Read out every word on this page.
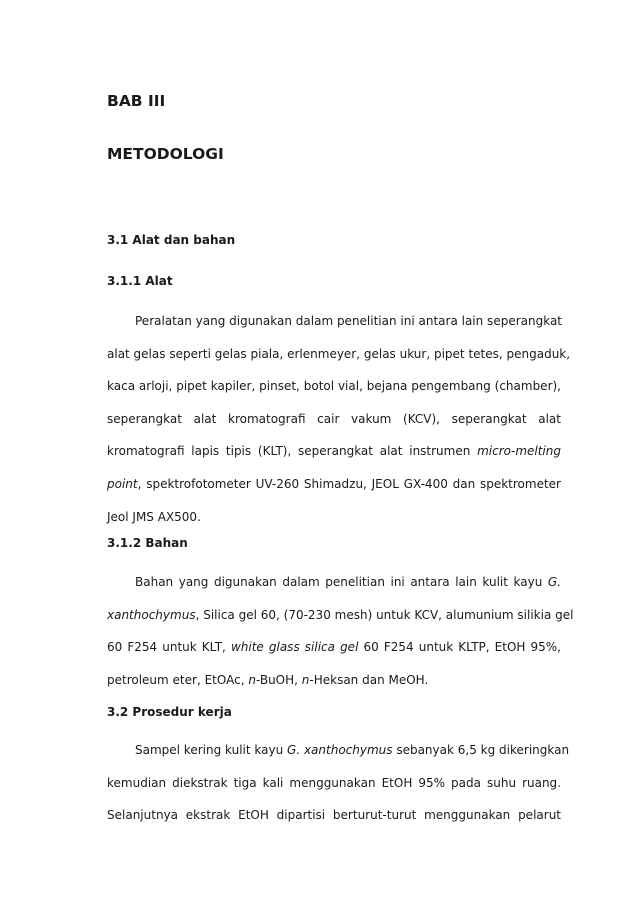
BAB III
METODOLOGI
3.1 Alat dan bahan
3.1.1 Alat
Peralatan yang digunakan dalam penelitian ini antara lain seperangkat
alat gelas seperti gelas piala, erlenmeyer, gelas ukur, pipet tetes, pengaduk,
kaca arloji, pipet kapiler, pinset, botol vial, bejana pengembang (chamber),
seperangkat alat kromatografi cair vakum (KCV), seperangkat alat
kromatografi lapis tipis (KLT), seperangkat alat instrumen micro-melting
point, spektrofotometer UV-260 Shimadzu, JEOL GX-400 dan spektrometer
Jeol JMS AX500.
3.1.2 Bahan
Bahan yang digunakan dalam penelitian ini antara lain kulit kayu G.
xanthochymus, Silica gel 60, (70-230 mesh) untuk KCV, alumunium silikia gel
60 F254 untuk KLT, white glass silica gel 60 F254 untuk KLTP, EtOH 95%,
petroleum eter, EtOAc, n-BuOH, n-Heksan dan MeOH.
3.2 Prosedur kerja
Sampel kering kulit kayu G. xanthochymus sebanyak 6,5 kg dikeringkan
kemudian diekstrak tiga kali menggunakan EtOH 95% pada suhu ruang.
Selanjutnya ekstrak EtOH dipartisi berturut-turut menggunakan pelarut
